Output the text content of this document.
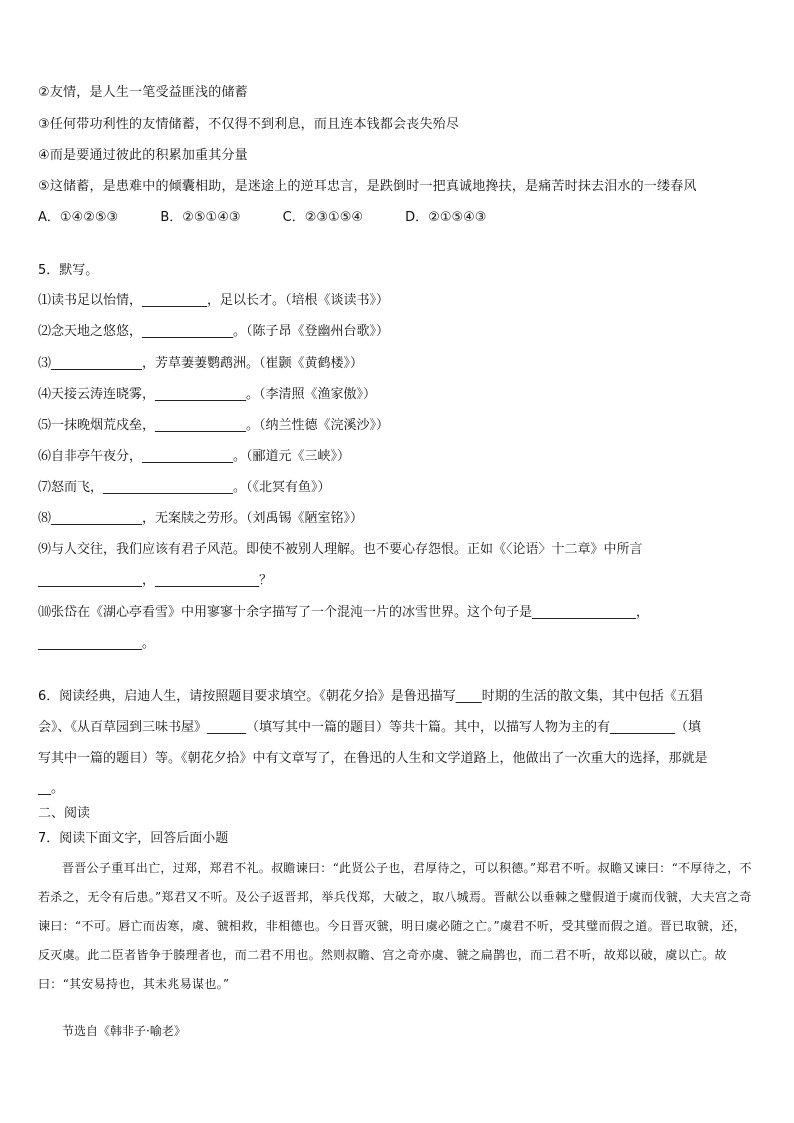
②友情，是人生一笔受益匪浅的储蓄
③任何带功利性的友情储蓄，不仅得不到利息，而且连本钱都会丧失殆尽
④而是要通过彼此的积累加重其分量
⑤这储蓄，是患难中的倾囊相助，是迷途上的逆耳忠言，是跌倒时一把真诚地搀扶，是痛苦时抹去泪水的一缕春风
A．①④②⑤③	B．②⑤①④③	C．②③①⑤④	D．②①⑤④③
5．默写。
⑴读书足以怡情，__________，足以长才。（培根《谈读书》）
⑵念天地之悠悠，______________。（陈子昂《登幽州台歌》）
⑶______________，芳草萋萋鹦鹉洲。（崔颢《黄鹤楼》）
⑷天接云涛连晓雾，______________。（李清照《渔家傲》）
⑸一抹晚烟荒戍垒，______________。（纳兰性德《浣溪沙》）
⑹自非亭午夜分，______________。（郦道元《三峡》）
⑺怒而飞，____________________。（《北冥有鱼》）
⑻______________，无案牍之劳形。（刘禹锡《陋室铭》）
⑼与人交往，我们应该有君子风范。即使不被别人理解。也不要心存怨恨。正如《〈论语〉十二章》中所言
________________，________________？
⑽张岱在《湖心亭看雪》中用寥寥十余字描写了一个混沌一片的冰雪世界。这个句子是________________，
________________。
6．阅读经典，启迪人生，请按照题目要求填空。《朝花夕拾》是鲁迅描写____时期的生活的散文集，其中包括《五猖
会》、《从百草园到三味书屋》______（填写其中一篇的题目）等共十篇。其中，以描写人物为主的有__________（填
写其中一篇的题目）等。《朝花夕拾》中有文章写了，在鲁迅的人生和文学道路上，他做出了一次重大的选择，那就是
__。
二、阅读
7．阅读下面文字，回答后面小题
晋晋公子重耳出亡，过郑，郑君不礼。叔瞻谏曰：“此贤公子也，君厚待之，可以积德。”郑君不听。叔瞻又谏曰：“不厚待之，不若杀之，无令有后患。”郑君又不听。及公子返晋邦，举兵伐郑，大破之，取八城焉。晋献公以垂棘之璧假道于虞而伐虢，大夫宫之奇谏曰：“不可。唇亡而齿寒，虞、虢相救，非相德也。今日晋灭虢，明日虞必随之亡。”虞君不听，受其璧而假之道。晋已取虢，还，反灭虞。此二臣者皆争于腠理者也，而二君不用也。然则叔瞻、宫之奇亦虞、虢之扁鹊也，而二君不听，故郑以破，虞以亡。故曰：“其安易持也，其未兆易谋也。”
节选自《韩非子·喻老》
